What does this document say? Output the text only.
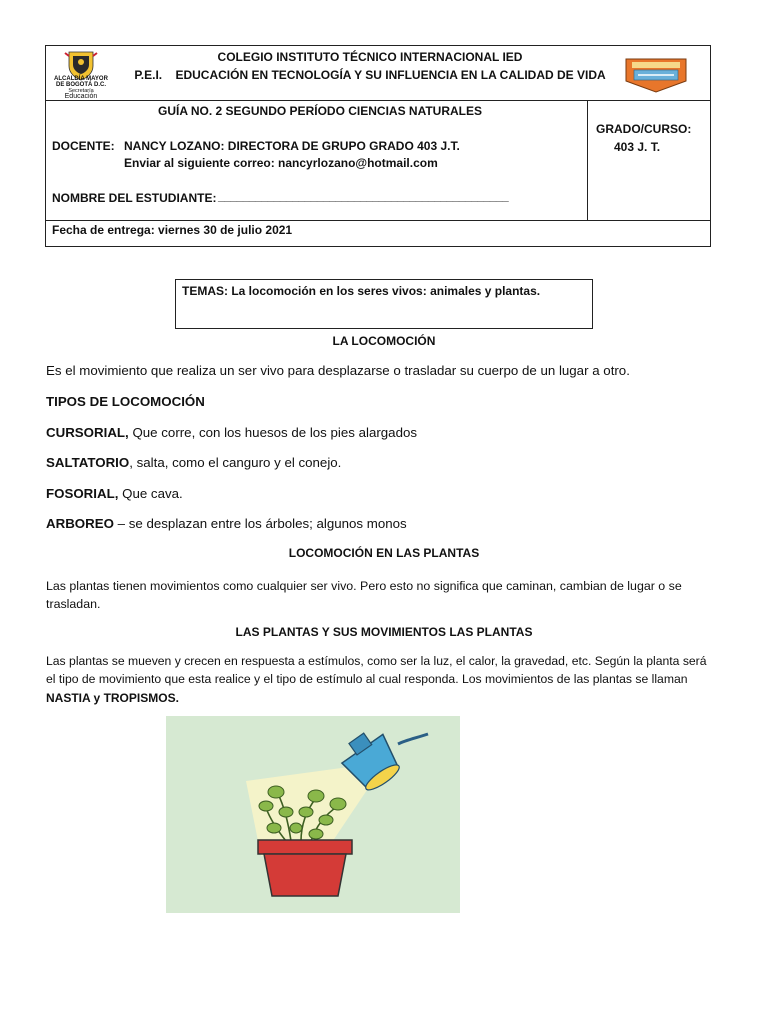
ALCALDÍA MAYOR
DE BOGOTÁ D.C.
Secretaría
Educación
COLEGIO INSTITUTO TÉCNICO INTERNACIONAL IED
P.E.I.    EDUCACIÓN EN TECNOLOGÍA Y SU INFLUENCIA EN LA CALIDAD DE VIDA
GUÍA NO. 2 SEGUNDO PERÍODO CIENCIAS NATURALES
DOCENTE: NANCY LOZANO: DIRECTORA DE GRUPO GRADO 403 J.T.
Enviar al siguiente correo: nancyrlozano@hotmail.com
NOMBRE DEL ESTUDIANTE: _______________________________________________
GRADO/CURSO:
403 J. T.
Fecha de entrega: viernes 30 de julio 2021
TEMAS: La locomoción en los seres vivos: animales y plantas.
LA LOCOMOCIÓN
Es el movimiento que realiza un ser vivo para desplazarse o trasladar su cuerpo de un lugar a otro.
TIPOS DE LOCOMOCIÓN
CURSORIAL, Que corre, con los huesos de los pies alargados
SALTATORIO, salta, como el canguro y el conejo.
FOSORIAL, Que cava.
ARBOREO – se desplazan entre los árboles; algunos monos
LOCOMOCIÓN EN LAS PLANTAS
Las plantas tienen movimientos como cualquier ser vivo. Pero esto no significa que caminan, cambian de lugar o se
trasladan.
LAS PLANTAS Y SUS MOVIMIENTOS LAS PLANTAS
Las plantas se mueven y crecen en respuesta a estímulos, como ser la luz, el calor, la gravedad, etc. Según la planta será
el tipo de movimiento que esta realice y el tipo de estímulo al cual responda. Los movimientos de las plantas se llaman
NASTIA y TROPISMOS.
